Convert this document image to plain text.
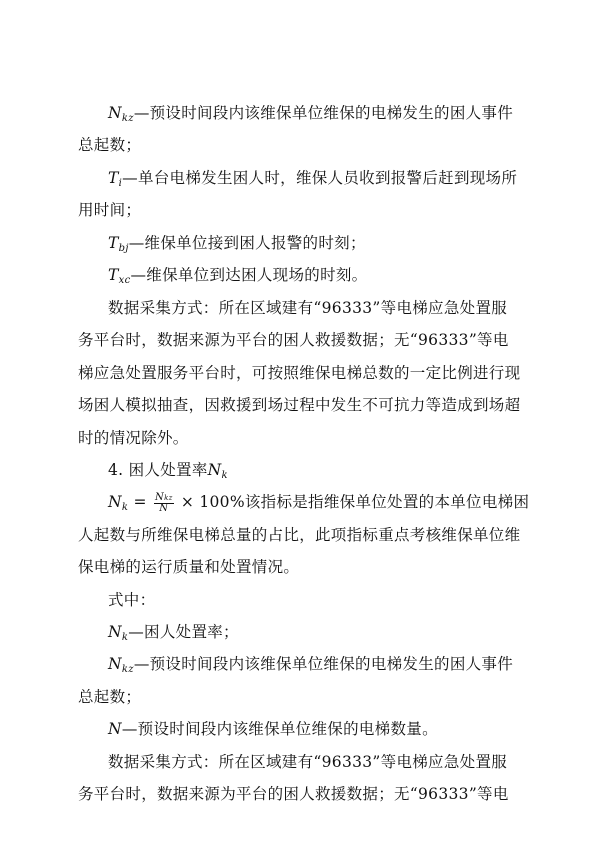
$N_{kz}—$预设时间段内该维保单位维保的电梯发生的困人事件
总起数；
$T_i—$单台电梯发生困人时，维保人员收到报警后赶到现场所
用时间；
$T_{bj}—$维保单位接到困人报警的时刻；
$T_{xc}—$维保单位到达困人现场的时刻。
数据采集方式：所在区域建有“96333”等电梯应急处置服
务平台时，数据来源为平台的困人救援数据；无“96333”等电
梯应急处置服务平台时，可按照维保电梯总数的一定比例进行现
场困人模拟抽查，因救援到场过程中发生不可抗力等造成到场超
时的情况除外。
4. 困人处置率$N_k$
$N_k = \frac{\text{Nkz}}{N} \times 100\%$该指标是指维保单位处置的本单位电梯困
人起数与所维保电梯总量的占比，此项指标重点考核维保单位维
保电梯的运行质量和处置情况。
式中：
$N_k—$困人处置率；
$N_{kz}—$预设时间段内该维保单位维保的电梯发生的困人事件
总起数；
N—预设时间段内该维保单位维保的电梯数量。
数据采集方式：所在区域建有“96333”等电梯应急处置服
务平台时，数据来源为平台的困人救援数据；无“96333”等电
